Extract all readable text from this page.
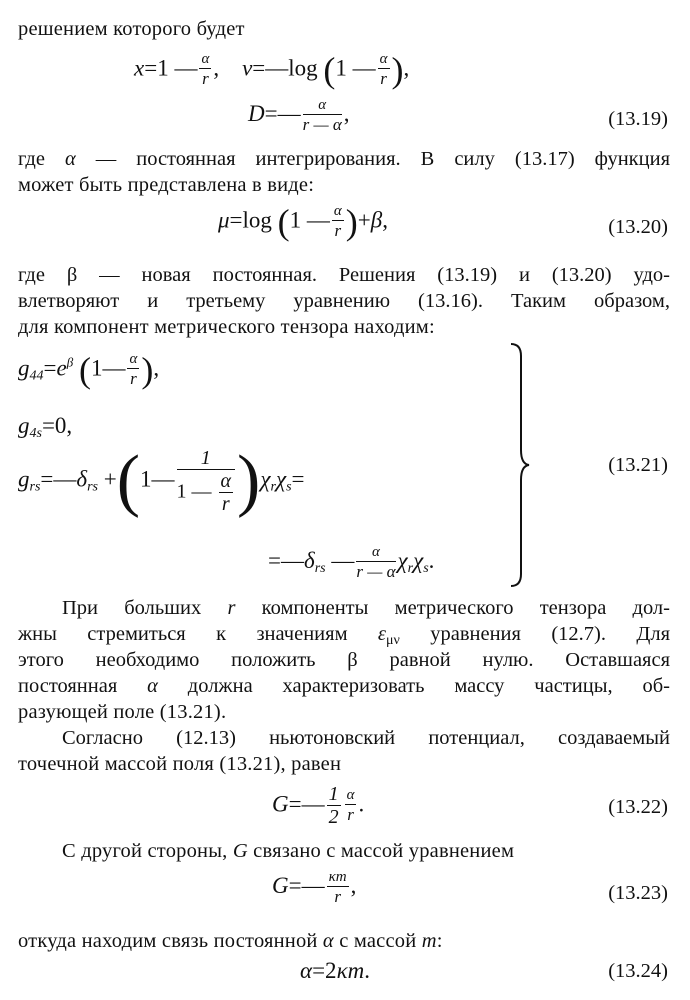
решением которого будет
x=1 — $\frac{\alpha}{r}$ ,    ν=—log (1 — $\frac{\alpha}{r}$ ),
D=— $\frac{\alpha}{r — \alpha}$ ,	(13.19)
где α — постоянная интегрирования. В силу (13.17) функция
может быть представлена в виде:
μ=log (1 — $\frac{\alpha}{r} )+\beta$,	(13.20)
где β — новая постоянная. Решения (13.19) и (13.20) удо-
влетворяют и третьему уравнению (13.16). Таким образом,
для компонент метрического тензора находим:
$g_{44}=e^\beta$ (1— $\frac{\alpha}{r}$ ),
$g_{4s}=0$,
$g_{rs}=—\delta_{rs}$ +(1— $\frac{1}{1 — \frac{\alpha}{r}} )\chi_r\chi_s=$
$=—\delta_{rs}$ — $\frac{\alpha}{r — \alpha} \chi_r\chi_s$.
(13.21)
При больших r компоненты метрического тензора дол-
жны стремиться к значениям $\varepsilon_{\mu\nu}$ уравнения (12.7). Для
этого необходимо положить β равной нулю. Оставшаяся
постоянная α должна характеризовать массу частицы, об-
разующей поле (13.21).
Согласно (12.13) ньютоновский потенциал, создаваемый
точечной массой поля (13.21), равен
G=— $\frac{1}{2} \frac{\alpha}{r}$ .	(13.22)
С другой стороны, G связано с массой уравнением
G=— $\frac{\kappa m}{r}$ ,	(13.23)
откуда находим связь постоянной α с массой m:
α=2κm.	(13.24)
